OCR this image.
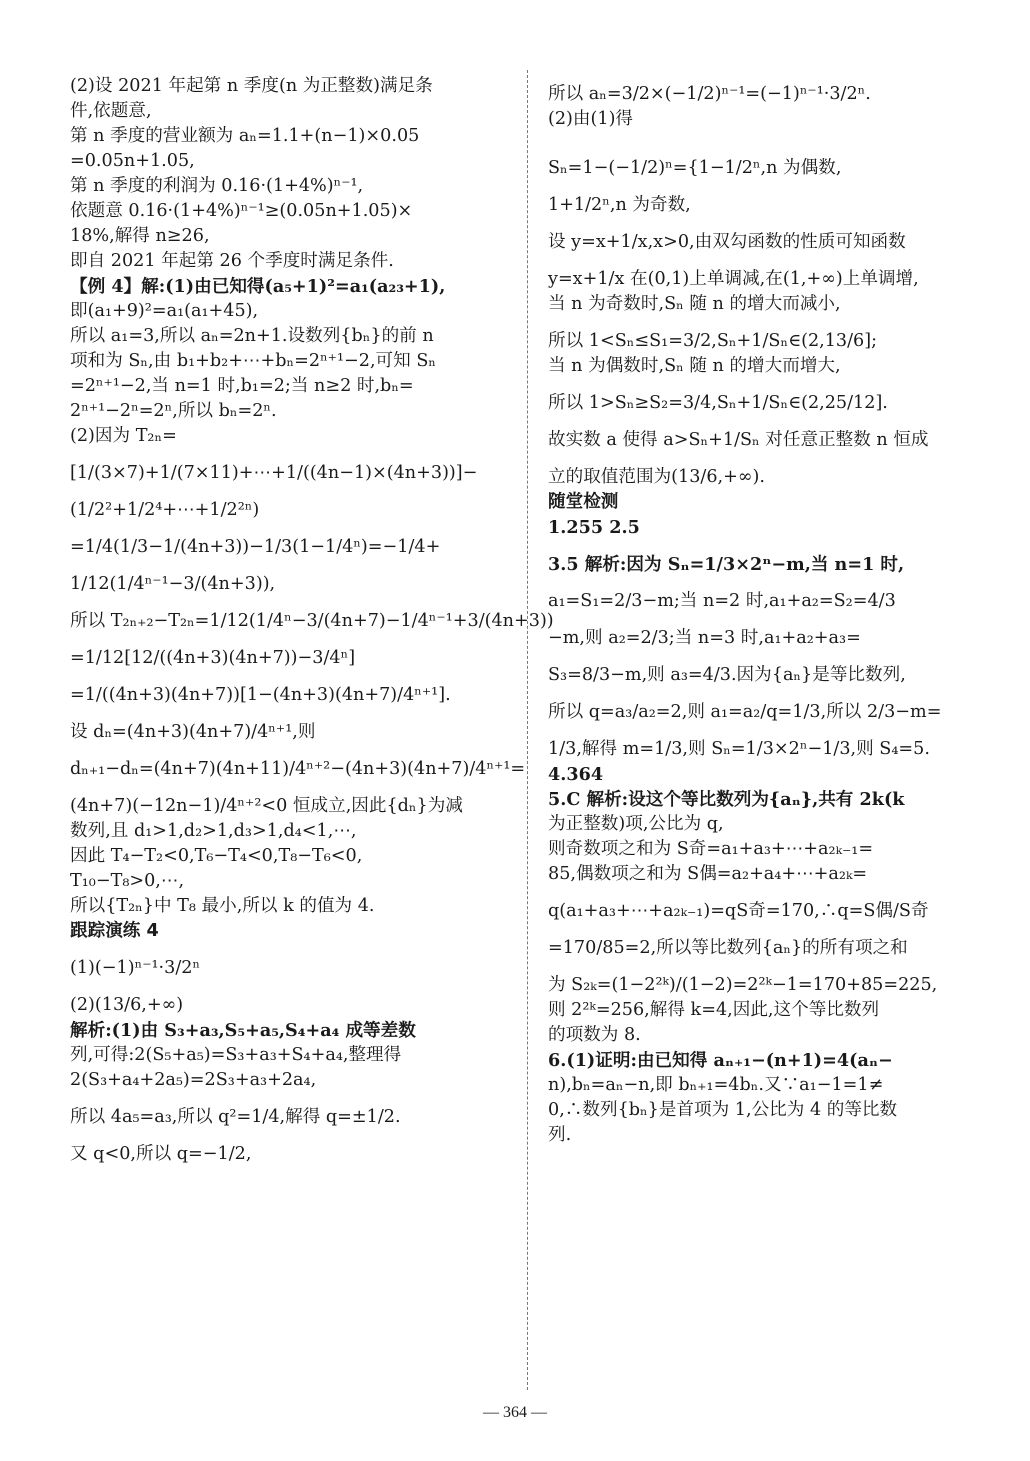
(2)设 2021 年起第 n 季度(n 为正整数)满足条
件,依题意,
第 n 季度的营业额为 aₙ=1.1+(n−1)×0.05
=0.05n+1.05,
第 n 季度的利润为 0.16·(1+4%)ⁿ⁻¹,
依题意 0.16·(1+4%)ⁿ⁻¹≥(0.05n+1.05)×
18%,解得 n≥26,
即自 2021 年起第 26 个季度时满足条件.
【例 4】解:(1)由已知得(a₅+1)²=a₁(a₂₃+1),
即(a₁+9)²=a₁(a₁+45),
所以 a₁=3,所以 aₙ=2n+1.设数列{bₙ}的前 n
项和为 Sₙ,由 b₁+b₂+⋯+bₙ=2ⁿ⁺¹−2,可知 Sₙ
=2ⁿ⁺¹−2,当 n=1 时,b₁=2;当 n≥2 时,bₙ=
2ⁿ⁺¹−2ⁿ=2ⁿ,所以 bₙ=2ⁿ.
(2)因为 T₂ₙ=
[1/(3×7)+1/(7×11)+⋯+1/((4n−1)×(4n+3))]−
(1/2²+1/2⁴+⋯+1/2²ⁿ)
=1/4(1/3−1/(4n+3))−1/3(1−1/4ⁿ)=−1/4+
1/12(1/4ⁿ⁻¹−3/(4n+3)),
所以 T₂ₙ₊₂−T₂ₙ=1/12(1/4ⁿ−3/(4n+7)−1/4ⁿ⁻¹+3/(4n+3))
=1/12[12/((4n+3)(4n+7))−3/4ⁿ]
=1/((4n+3)(4n+7))[1−(4n+3)(4n+7)/4ⁿ⁺¹].
设 dₙ=(4n+3)(4n+7)/4ⁿ⁺¹,则
dₙ₊₁−dₙ=(4n+7)(4n+11)/4ⁿ⁺²−(4n+3)(4n+7)/4ⁿ⁺¹=
(4n+7)(−12n−1)/4ⁿ⁺²<0 恒成立,因此{dₙ}为减
数列,且 d₁>1,d₂>1,d₃>1,d₄<1,⋯,
因此 T₄−T₂<0,T₆−T₄<0,T₈−T₆<0,
T₁₀−T₈>0,⋯,
所以{T₂ₙ}中 T₈ 最小,所以 k 的值为 4.
跟踪演练 4
(1)(−1)ⁿ⁻¹·3/2ⁿ
(2)(13/6,+∞)
解析:(1)由 S₃+a₃,S₅+a₅,S₄+a₄ 成等差数
列,可得:2(S₅+a₅)=S₃+a₃+S₄+a₄,整理得
2(S₃+a₄+2a₅)=2S₃+a₃+2a₄,
所以 4a₅=a₃,所以 q²=1/4,解得 q=±1/2.
又 q<0,所以 q=−1/2,
所以 aₙ=3/2×(−1/2)ⁿ⁻¹=(−1)ⁿ⁻¹·3/2ⁿ.
(2)由(1)得
Sₙ=1−(−1/2)ⁿ={1−1/2ⁿ,n 为偶数,
1+1/2ⁿ,n 为奇数,
设 y=x+1/x,x>0,由双勾函数的性质可知函数
y=x+1/x 在(0,1)上单调减,在(1,+∞)上单调增,
当 n 为奇数时,Sₙ 随 n 的增大而减小,
所以 1<Sₙ≤S₁=3/2,Sₙ+1/Sₙ∈(2,13/6];
当 n 为偶数时,Sₙ 随 n 的增大而增大,
所以 1>Sₙ≥S₂=3/4,Sₙ+1/Sₙ∈(2,25/12].
故实数 a 使得 a>Sₙ+1/Sₙ 对任意正整数 n 恒成
立的取值范围为(13/6,+∞).
随堂检测
1.255 2.5
3.5 解析:因为 Sₙ=1/3×2ⁿ−m,当 n=1 时,
a₁=S₁=2/3−m;当 n=2 时,a₁+a₂=S₂=4/3
−m,则 a₂=2/3;当 n=3 时,a₁+a₂+a₃=
S₃=8/3−m,则 a₃=4/3.因为{aₙ}是等比数列,
所以 q=a₃/a₂=2,则 a₁=a₂/q=1/3,所以 2/3−m=
1/3,解得 m=1/3,则 Sₙ=1/3×2ⁿ−1/3,则 S₄=5.
4.364
5.C 解析:设这个等比数列为{aₙ},共有 2k(k
为正整数)项,公比为 q,
则奇数项之和为 S奇=a₁+a₃+⋯+a₂ₖ₋₁=
85,偶数项之和为 S偶=a₂+a₄+⋯+a₂ₖ=
q(a₁+a₃+⋯+a₂ₖ₋₁)=qS奇=170,∴q=S偶/S奇
=170/85=2,所以等比数列{aₙ}的所有项之和
为 S₂ₖ=(1−2²ᵏ)/(1−2)=2²ᵏ−1=170+85=225,
则 2²ᵏ=256,解得 k=4,因此,这个等比数列
的项数为 8.
6.(1)证明:由已知得 aₙ₊₁−(n+1)=4(aₙ−
n),bₙ=aₙ−n,即 bₙ₊₁=4bₙ.又∵a₁−1=1≠
0,∴数列{bₙ}是首项为 1,公比为 4 的等比数
列.
— 364 —
